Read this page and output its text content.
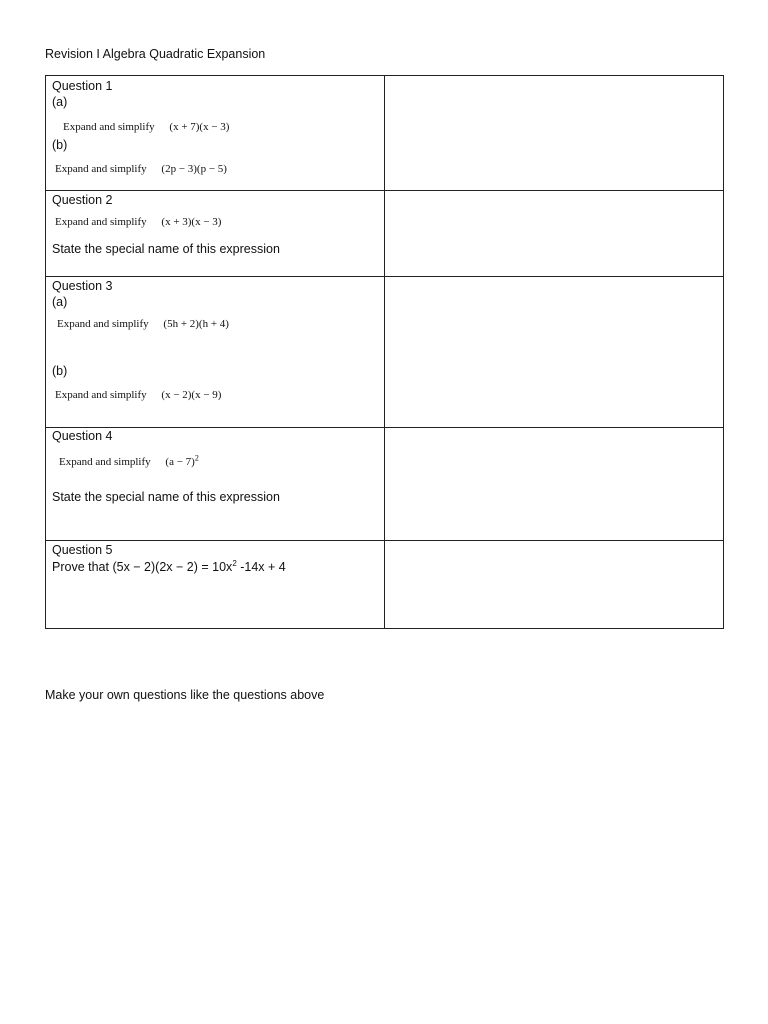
Revision I Algebra Quadratic Expansion
Question 1
(a)
Expand and simplify (x + 7)(x − 3)
(b)
Expand and simplify (2p − 3)(p − 5)	

Question 2
Expand and simplify (x + 3)(x − 3)
State the special name of this expression	

Question 3
(a)
Expand and simplify (5h + 2)(h + 4)
(b)
Expand and simplify (x − 2)(x − 9)	

Question 4
Expand and simplify $(a - 7)^2$
State the special name of this expression	

Question 5
Prove that $(5x - 2)(2x - 2) = 10x^2$ -14x + 4	

Make your own questions like the questions above
